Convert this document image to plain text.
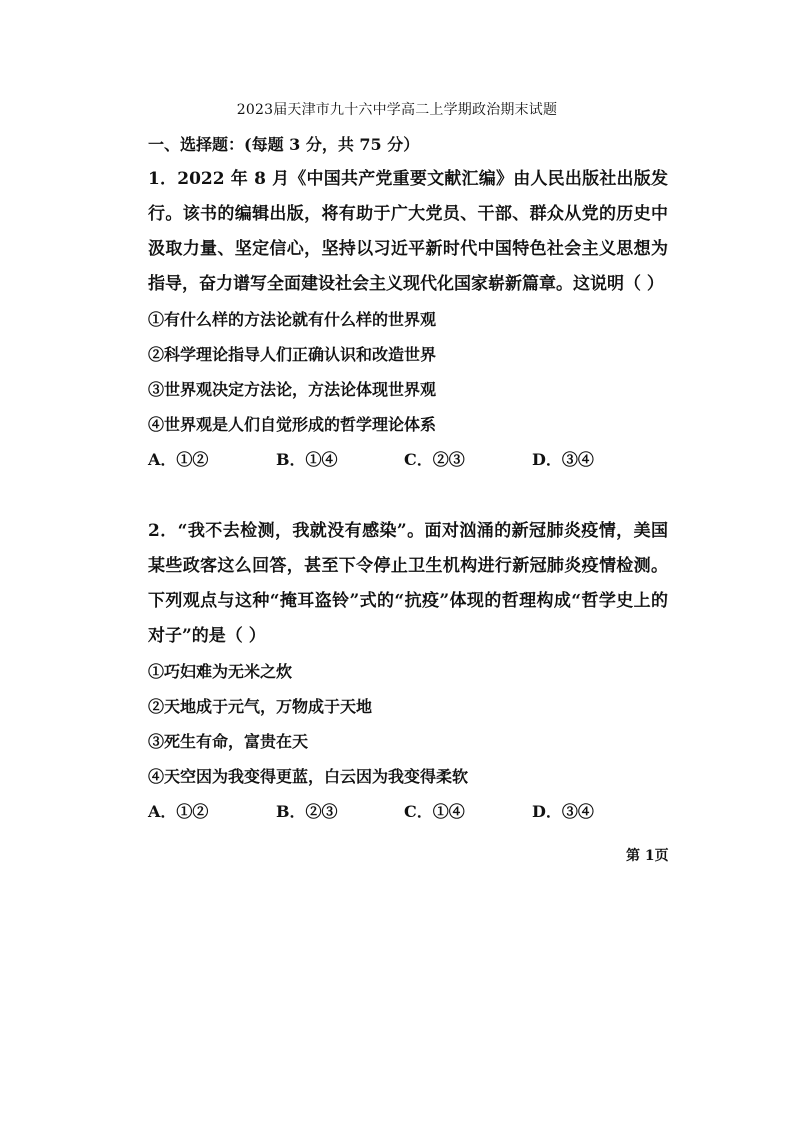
2023届天津市九十六中学高二上学期政治期末试题
一、选择题：(每题 3 分，共 75 分）

1．2022 年 8 月《中国共产党重要文献汇编》由人民出版社出版发行。该书的编辑出版，将有助于广大党员、干部、群众从党的历史中汲取力量、坚定信心，坚持以习近平新时代中国特色社会主义思想为指导，奋力谱写全面建设社会主义现代化国家崭新篇章。这说明（ ）

①有什么样的方法论就有什么样的世界观

②科学理论指导人们正确认识和改造世界

③世界观决定方法论，方法论体现世界观

④世界观是人们自觉形成的哲学理论体系

A．①②	B．①④	C．②③	D．③④

2．“我不去检测，我就没有感染”。面对汹涌的新冠肺炎疫情，美国某些政客这么回答，甚至下令停止卫生机构进行新冠肺炎疫情检测。下列观点与这种“掩耳盗铃”式的“抗疫”体现的哲理构成“哲学史上的对子”的是（ ）

①巧妇难为无米之炊

②天地成于元气，万物成于天地

③死生有命，富贵在天

④天空因为我变得更蓝，白云因为我变得柔软

A．①②	B．②③	C．①④	D．③④
第 1页
